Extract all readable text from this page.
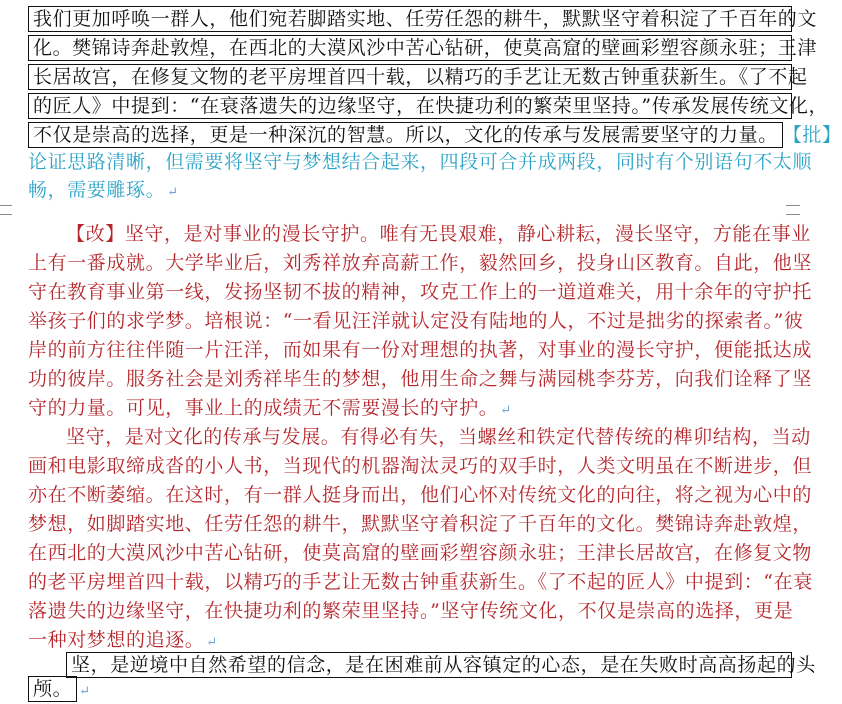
我们更加呼唤一群人，他们宛若脚踏实地、任劳任怨的耕牛，默默坚守着积淀了千百年的文
化。樊锦诗奔赴敦煌，在西北的大漠风沙中苦心钻研，使莫高窟的壁画彩塑容颜永驻；王津
长居故宫，在修复文物的老平房埋首四十载，以精巧的手艺让无数古钟重获新生。《了不起
的匠人》中提到：“在衰落遗失的边缘坚守，在快捷功利的繁荣里坚持。”传承发展传统文化，
不仅是崇高的选择，更是一种深沉的智慧。所以，文化的传承与发展需要坚守的力量。 【批】
论证思路清晰，但需要将坚守与梦想结合起来，四段可合并成两段，同时有个别语句不太顺
畅，需要雕琢。 ↵
【改】坚守，是对事业的漫长守护。唯有无畏艰难，静心耕耘，漫长坚守，方能在事业
上有一番成就。大学毕业后，刘秀祥放弃高薪工作，毅然回乡，投身山区教育。自此，他坚
守在教育事业第一线，发扬坚韧不拔的精神，攻克工作上的一道道难关，用十余年的守护托
举孩子们的求学梦。培根说：“一看见汪洋就认定没有陆地的人，不过是拙劣的探索者。”彼
岸的前方往往伴随一片汪洋，而如果有一份对理想的执著，对事业的漫长守护，便能抵达成
功的彼岸。服务社会是刘秀祥毕生的梦想，他用生命之舞与满园桃李芬芳，向我们诠释了坚
守的力量。可见，事业上的成绩无不需要漫长的守护。 ↵
坚守，是对文化的传承与发展。有得必有失，当螺丝和铁定代替传统的榫卯结构，当动
画和电影取缔成沓的小人书，当现代的机器淘汰灵巧的双手时，人类文明虽在不断进步，但
亦在不断萎缩。在这时，有一群人挺身而出，他们心怀对传统文化的向往，将之视为心中的
梦想，如脚踏实地、任劳任怨的耕牛，默默坚守着积淀了千百年的文化。樊锦诗奔赴敦煌，
在西北的大漠风沙中苦心钻研，使莫高窟的壁画彩塑容颜永驻；王津长居故宫，在修复文物
的老平房埋首四十载，以精巧的手艺让无数古钟重获新生。《了不起的匠人》中提到：“在衰
落遗失的边缘坚守，在快捷功利的繁荣里坚持。”坚守传统文化，不仅是崇高的选择，更是
一种对梦想的追逐。 ↵
坚，是逆境中自然希望的信念，是在困难前从容镇定的心态，是在失败时高高扬起的头
颅。 ↵
